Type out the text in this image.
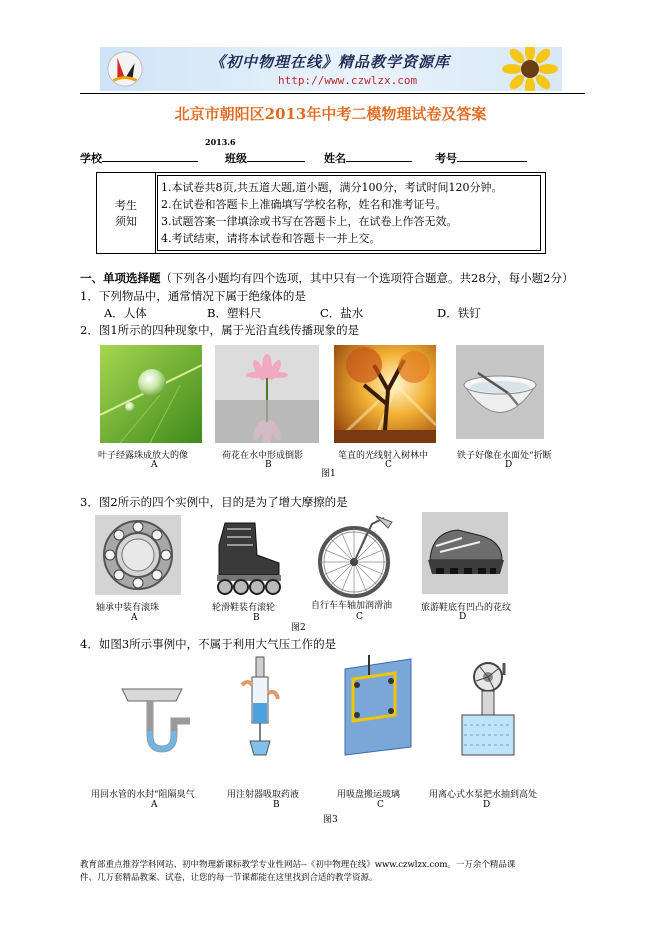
《初中物理在线》精品教学资源库
http://www.czwlzx.com
北京市朝阳区2013年中考二模物理试卷及答案
2013.6
学校	班级	姓名	考号
考生
须知
1.本试卷共8页,共五道大题,道小题，满分100分，考试时间120分钟。
2.在试卷和答题卡上准确填写学校名称，姓名和准考证号。
3.试题答案一律填涂或书写在答题卡上，在试卷上作答无效。
4.考试结束，请将本试卷和答题卡一并上交。
一、单项选择题（下列各小题均有四个选项，其中只有一个选项符合题意。共28分，每小题2分）
1．下列物品中，通常情况下属于绝缘体的是
A．人体	B．塑料尺	C．盐水	D．铁钉
2．图1所示的四种现象中，属于光沿直线传播现象的是
叶子经露珠成放大的像	荷花在水中形成倒影	笔直的光线射入树林中	铁子好像在水面处“折断
A	B	C	D
图1
3．图2所示的四个实例中，目的是为了增大摩擦的是
轴承中装有滚珠	轮滑鞋装有滚轮	自行车车轴加润滑油	旅游鞋底有凹凸的花纹
A	B	C	D
图2
4．如图3所示事例中，不属于利用大气压工作的是
用回水管的水封“阻隔臭气	用注射器吸取药液	用吸盘搬运玻璃	用离心式水泵把水抽到高处
A	B	C	D
图3
教育部重点推荐学科网站、初中物理新课标教学专业性网站--《初中物理在线》www.czwlzx.com。一万余个精品课
件、几万套精品教案、试卷，让您的每一节课都能在这里找到合适的教学资源。
